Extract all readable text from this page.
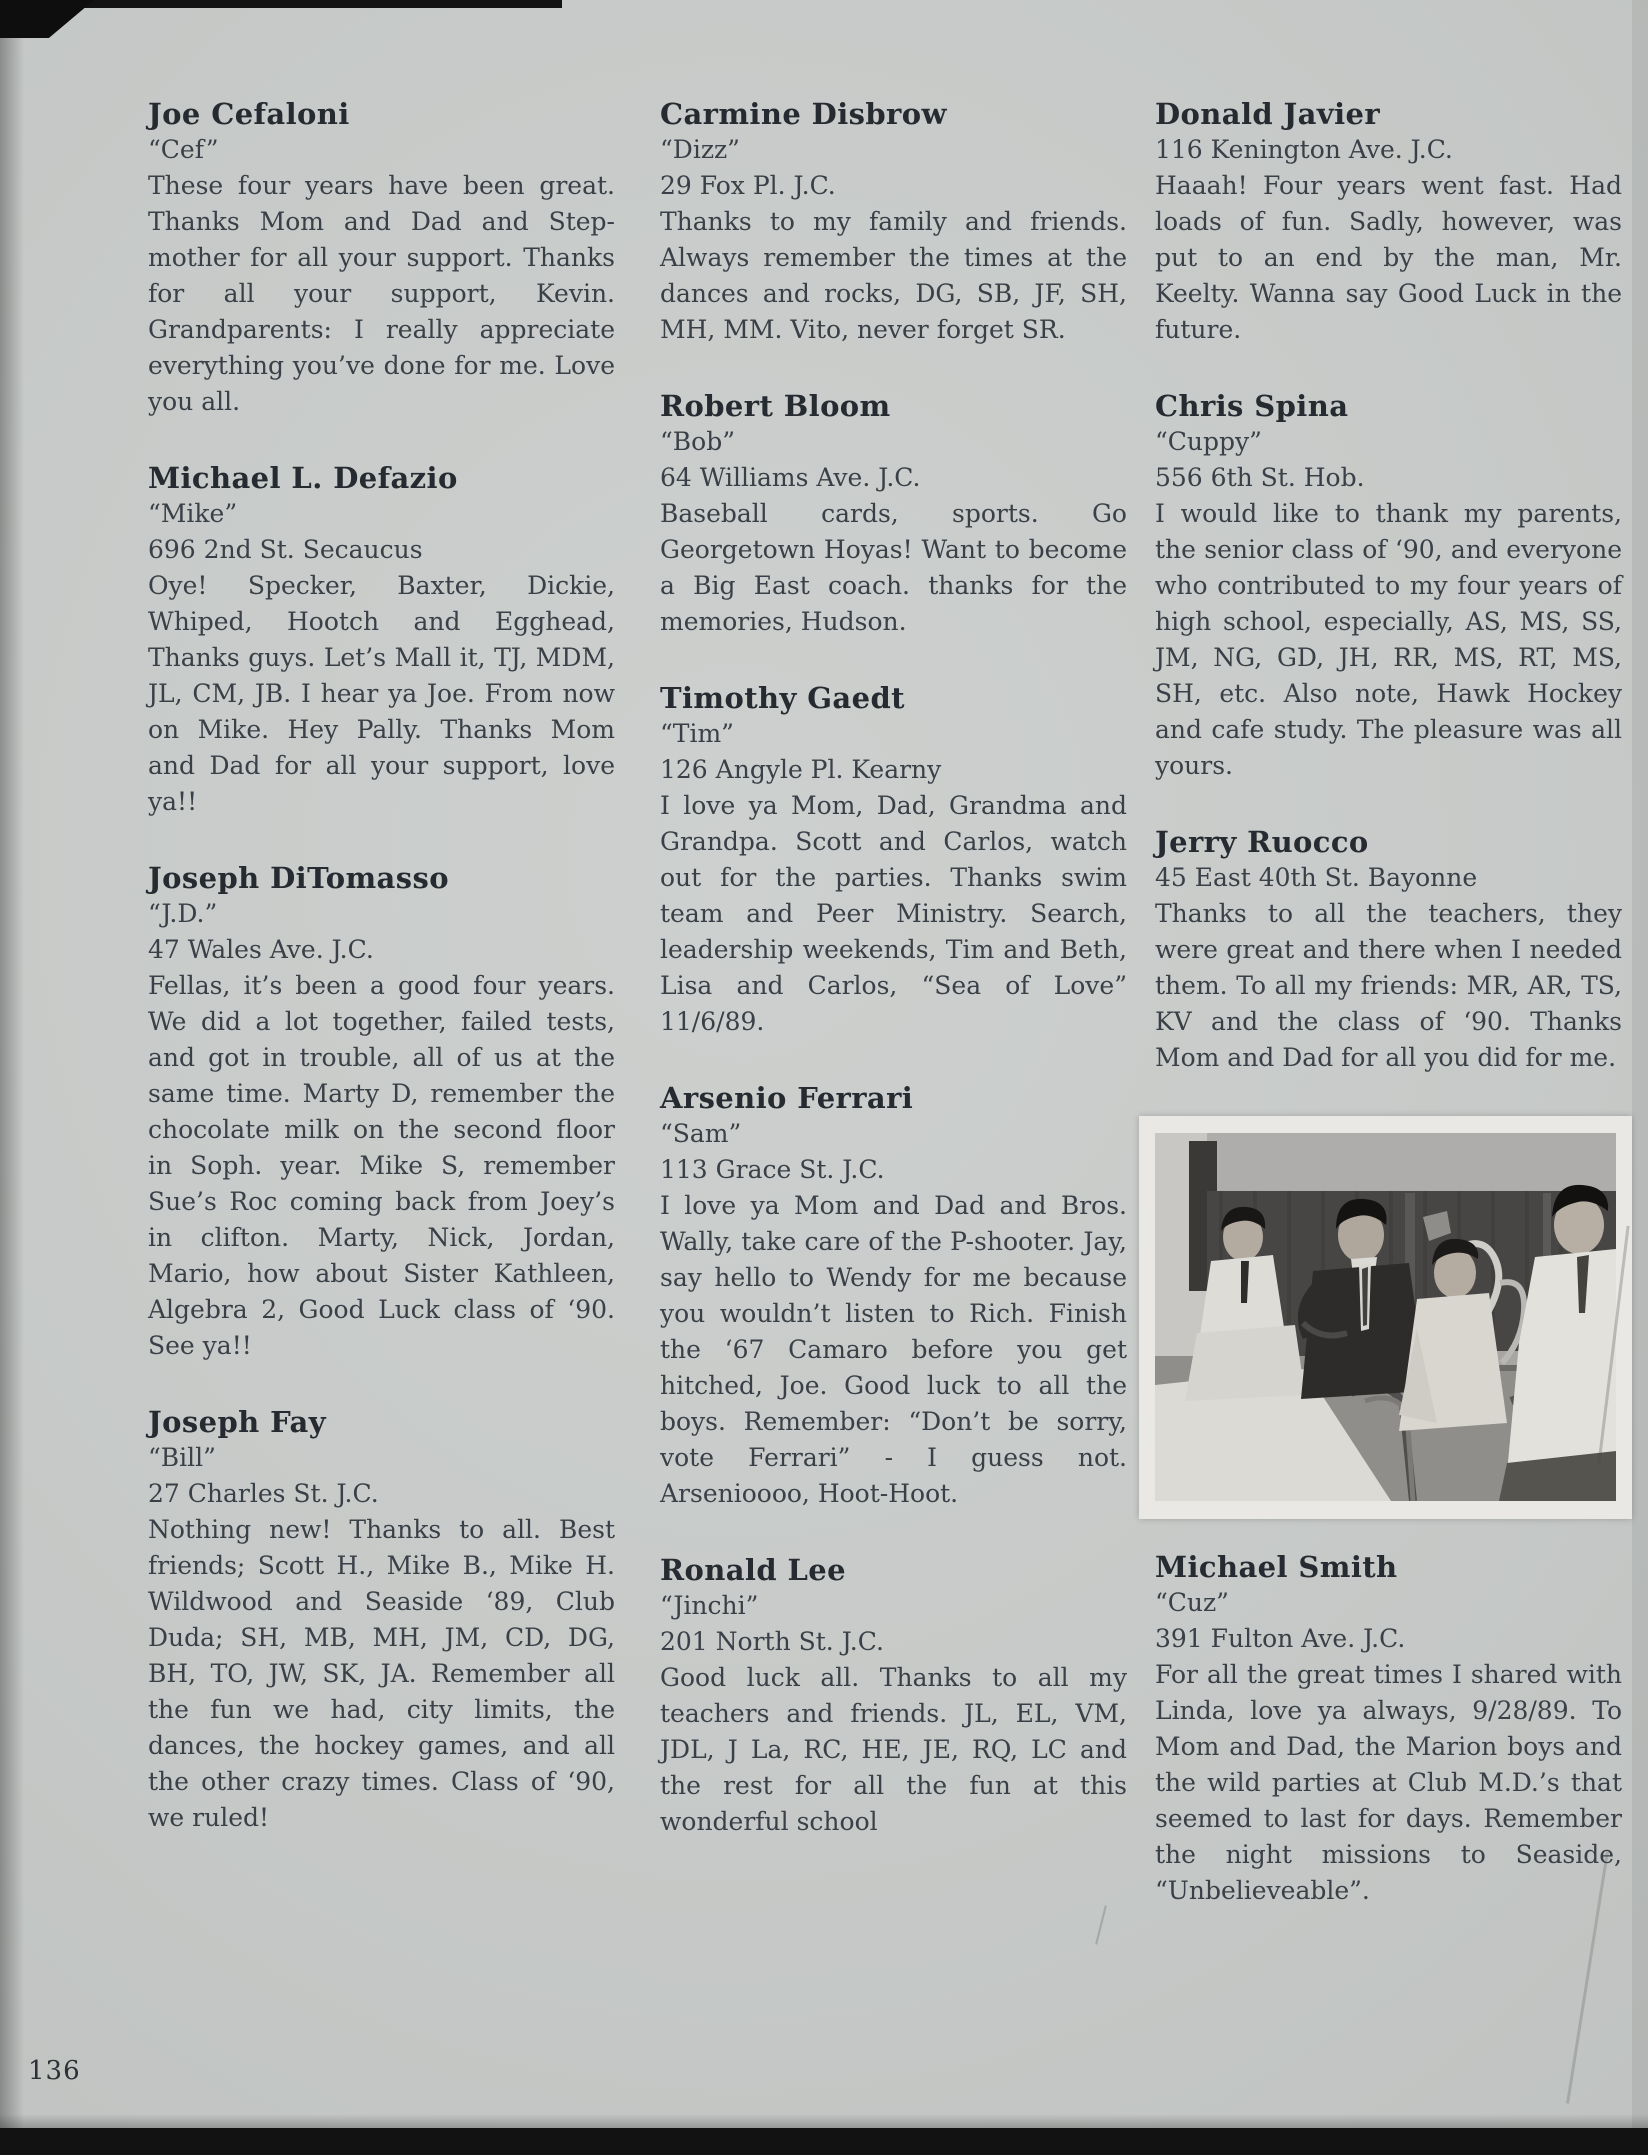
Joe Cefaloni
“Cef”
These four years have been great. Thanks Mom and Dad and Step-mother for all your support. Thanks for all your support, Kevin. Grandparents: I really appreciate everything you’ve done for me. Love you all.
Michael L. Defazio
“Mike”
696 2nd St. Secaucus
Oye! Specker, Baxter, Dickie, Whiped, Hootch and Egghead, Thanks guys. Let’s Mall it, TJ, MDM, JL, CM, JB. I hear ya Joe. From now on Mike. Hey Pally. Thanks Mom and Dad for all your support, love ya!!
Joseph DiTomasso
“J.D.”
47 Wales Ave. J.C.
Fellas, it’s been a good four years. We did a lot together, failed tests, and got in trouble, all of us at the same time. Marty D, remember the chocolate milk on the second floor in Soph. year. Mike S, remember Sue’s Roc coming back from Joey’s in clifton. Marty, Nick, Jordan, Mario, how about Sister Kathleen, Algebra 2, Good Luck class of ‘90. See ya!!
Joseph Fay
“Bill”
27 Charles St. J.C.
Nothing new! Thanks to all. Best friends; Scott H., Mike B., Mike H. Wildwood and Seaside ‘89, Club Duda; SH, MB, MH, JM, CD, DG, BH, TO, JW, SK, JA. Remember all the fun we had, city limits, the dances, the hockey games, and all the other crazy times. Class of ‘90, we ruled!
Carmine Disbrow
“Dizz”
29 Fox Pl. J.C.
Thanks to my family and friends. Always remember the times at the dances and rocks, DG, SB, JF, SH, MH, MM. Vito, never forget SR.
Robert Bloom
“Bob”
64 Williams Ave. J.C.
Baseball cards, sports. Go Georgetown Hoyas! Want to become a Big East coach. thanks for the memories, Hudson.
Timothy Gaedt
“Tim”
126 Angyle Pl. Kearny
I love ya Mom, Dad, Grandma and Grandpa. Scott and Carlos, watch out for the parties. Thanks swim team and Peer Ministry. Search, leadership weekends, Tim and Beth, Lisa and Carlos, “Sea of Love” 11/6/89.
Arsenio Ferrari
“Sam”
113 Grace St. J.C.
I love ya Mom and Dad and Bros. Wally, take care of the P-shooter. Jay, say hello to Wendy for me because you wouldn’t listen to Rich. Finish the ‘67 Camaro before you get hitched, Joe. Good luck to all the boys. Remember: “Don’t be sorry, vote Ferrari” - I guess not. Arsenioooo, Hoot-Hoot.
Ronald Lee
“Jinchi”
201 North St. J.C.
Good luck all. Thanks to all my teachers and friends. JL, EL, VM, JDL, J La, RC, HE, JE, RQ, LC and the rest for all the fun at this wonderful school
Donald Javier
116 Kenington Ave. J.C.
Haaah! Four years went fast. Had loads of fun. Sadly, however, was put to an end by the man, Mr. Keelty. Wanna say Good Luck in the future.
Chris Spina
“Cuppy”
556 6th St. Hob.
I would like to thank my parents, the senior class of ‘90, and everyone who contributed to my four years of high school, especially, AS, MS, SS, JM, NG, GD, JH, RR, MS, RT, MS, SH, etc. Also note, Hawk Hockey and cafe study. The pleasure was all yours.
Jerry Ruocco
45 East 40th St. Bayonne
Thanks to all the teachers, they were great and there when I needed them. To all my friends: MR, AR, TS, KV and the class of ‘90. Thanks Mom and Dad for all you did for me.
Michael Smith
“Cuz”
391 Fulton Ave. J.C.
For all the great times I shared with Linda, love ya always, 9/28/89. To Mom and Dad, the Marion boys and the wild parties at Club M.D.’s that seemed to last for days. Remember the night missions to Seaside, “Unbelieveable”.
136
